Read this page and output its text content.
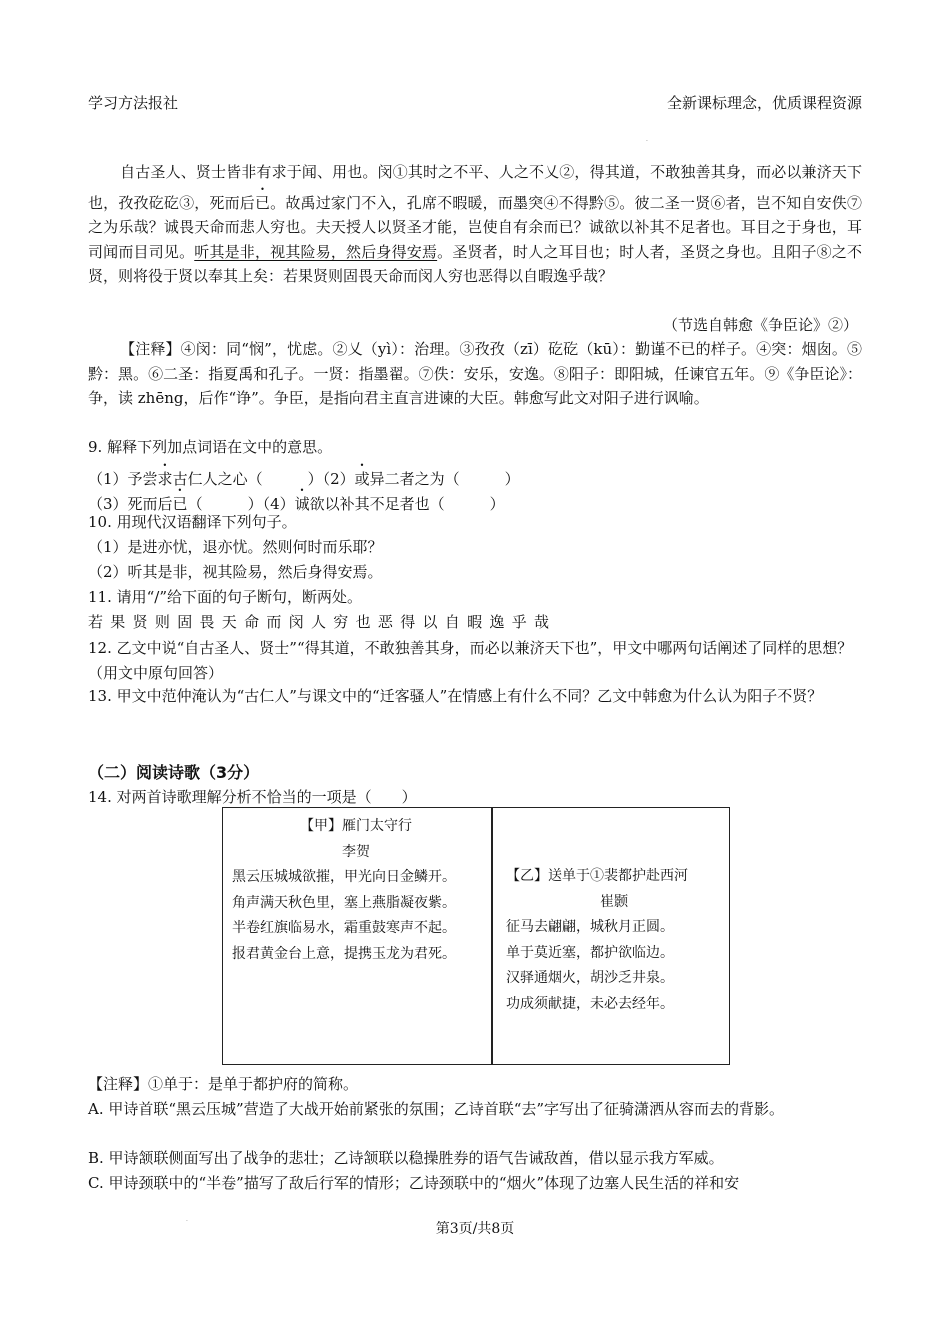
学习方法报社	全新课标理念，优质课程资源
·
自古圣人、贤士皆非有求于闻、用也。闵①其时之不平、人之不乂②，得其道，不敢独善其身，而必以兼济天下也，孜孜矻矻③，死而后已。故禹过家门不入，孔席不暇暖，而墨突④不得黔⑤。彼二圣一贤⑥者，岂不知自安佚⑦之为乐哉？诚畏天命而悲人穷也。夫天授人以贤圣才能，岂使自有余而已？诚欲以补其不足者也。耳目之于身也，耳司闻而目司见。听其是非，视其险易，然后身得安焉。圣贤者，时人之耳目也；时人者，圣贤之身也。且阳子⑧之不贤，则将役于贤以奉其上矣：若果贤则固畏天命而闵人穷也恶得以自暇逸乎哉？
（节选自韩愈《争臣论》②）
【注释】④闵：同“悯”，忧虑。②乂（yì）：治理。③孜孜（zī）矻矻（kū）：勤谨不已的样子。④突：烟囱。⑤黔：黑。⑥二圣：指夏禹和孔子。一贤：指墨翟。⑦佚：安乐，安逸。⑧阳子：即阳城，任谏官五年。⑨《争臣论》：争，读 zhēng，后作“诤”。争臣，是指向君主直言进谏的大臣。韩愈写此文对阳子进行讽喻。
9. 解释下列加点词语在文中的意思。
（1）予尝求古仁人之心（　　　）（2）或异二者之为（　　　）
（3）死而后已（　　　）（4）诚欲以补其不足者也（　　　）
10. 用现代汉语翻译下列句子。
（1）是进亦忧，退亦忧。然则何时而乐耶？
（2）听其是非，视其险易，然后身得安焉。
11. 请用“/”给下面的句子断句，断两处。
若果贤则固畏天命而闵人穷也恶得以自暇逸乎哉
12. 乙文中说“自古圣人、贤士”“得其道，不敢独善其身，而必以兼济天下也”，甲文中哪两句话阐述了同样的思想？（用文中原句回答）
13. 甲文中范仲淹认为“古仁人”与课文中的“迁客骚人”在情感上有什么不同？乙文中韩愈为什么认为阳子不贤？
（二）阅读诗歌（3分）
14. 对两首诗歌理解分析不恰当的一项是（　　）
【甲】雁门太守行
李贺
黑云压城城欲摧，甲光向日金鳞开。
角声满天秋色里，塞上燕脂凝夜紫。
半卷红旗临易水，霜重鼓寒声不起。
报君黄金台上意，提携玉龙为君死。
【乙】送单于①裴都护赴西河
崔颢
征马去翩翩，城秋月正圆。
单于莫近塞，都护欲临边。
汉驿通烟火，胡沙乏井泉。
功成须献捷，未必去经年。
【注释】①单于：是单于都护府的简称。
A. 甲诗首联“黑云压城”营造了大战开始前紧张的氛围；乙诗首联“去”字写出了征骑潇洒从容而去的背影。
B. 甲诗颔联侧面写出了战争的悲壮；乙诗颔联以稳操胜券的语气告诫敌酋，借以显示我方军威。
C. 甲诗颈联中的“半卷”描写了敌后行军的情形；乙诗颈联中的“烟火”体现了边塞人民生活的祥和安
·	第3页/共8页
